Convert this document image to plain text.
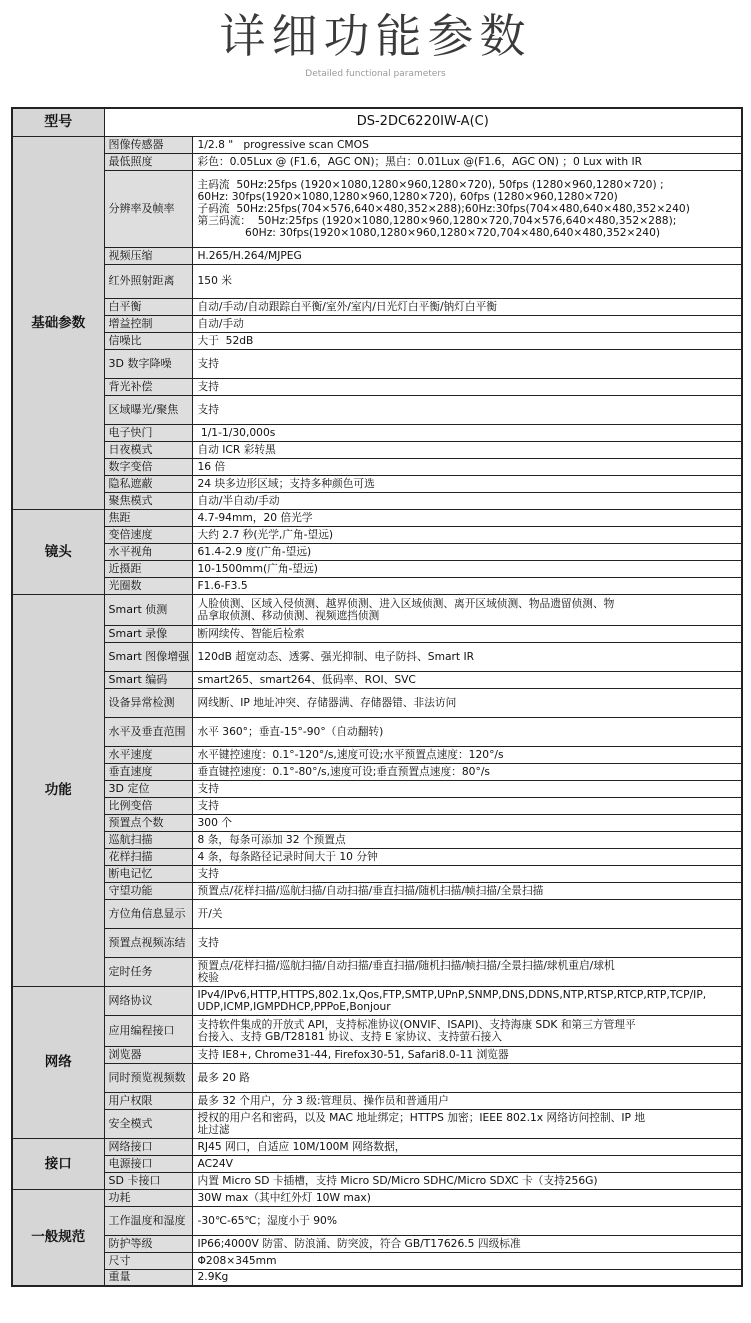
详细功能参数
Detailed functional parameters
型号	DS-2DC6220IW-A(C)	
基础参数	图像传感器	1/2.8 "   progressive scan CMOS

	最低照度	彩色：0.05Lux @ (F1.6，AGC ON)；黑白：0.01Lux @(F1.6，AGC ON) ；0 Lux with IR

	分辨率及帧率	主码流  50Hz:25fps (1920×1080,1280×960,1280×720), 50fps (1280×960,1280×720) ;
60Hz: 30fps(1920×1080,1280×960,1280×720), 60fps (1280×960,1280×720)
子码流  50Hz:25fps(704×576,640×480,352×288);60Hz:30fps(704×480,640×480,352×240)
第三码流：  50Hz:25fps (1920×1080,1280×960,1280×720,704×576,640×480,352×288);
60Hz: 30fps(1920×1080,1280×960,1280×720,704×480,640×480,352×240)

	视频压缩	H.265/H.264/MJPEG

	红外照射距离	150 米

	白平衡	自动/手动/自动跟踪白平衡/室外/室内/日光灯白平衡/钠灯白平衡

	增益控制	自动/手动

	信噪比	大于  52dB

	3D 数字降噪	支持

	背光补偿	支持

	区域曝光/聚焦	支持

	电子快门	1/1-1/30,000s

	日夜模式	自动 ICR 彩转黑

	数字变倍	16 倍

	隐私遮蔽	24 块多边形区域；支持多种颜色可选

	聚焦模式	自动/半自动/手动

镜头	焦距	4.7-94mm，20 倍光学

	变倍速度	大约 2.7 秒(光学,广角-望远)

	水平视角	61.4-2.9 度(广角-望远)

	近摄距	10-1500mm(广角-望远)

	光圈数	F1.6-F3.5

功能	Smart 侦测	人脸侦测、区域入侵侦测、越界侦测、进入区域侦测、离开区域侦测、物品遗留侦测、物
品拿取侦测、移动侦测、视频遮挡侦测

	Smart 录像	断网续传、智能后检索

	Smart 图像增强	120dB 超宽动态、透雾、强光抑制、电子防抖、Smart IR

	Smart 编码	smart265、smart264、低码率、ROI、SVC

	设备异常检测	网线断、IP 地址冲突、存储器满、存储器错、非法访问

	水平及垂直范围	水平 360°；垂直-15°-90°（自动翻转)

	水平速度	水平键控速度：0.1°-120°/s,速度可设;水平预置点速度：120°/s

	垂直速度	垂直键控速度：0.1°-80°/s,速度可设;垂直预置点速度：80°/s

	3D 定位	支持

	比例变倍	支持

	预置点个数	300 个

	巡航扫描	8 条，每条可添加 32 个预置点

	花样扫描	4 条，每条路径记录时间大于 10 分钟

	断电记忆	支持

	守望功能	预置点/花样扫描/巡航扫描/自动扫描/垂直扫描/随机扫描/帧扫描/全景扫描

	方位角信息显示	开/关

	预置点视频冻结	支持

	定时任务	预置点/花样扫描/巡航扫描/自动扫描/垂直扫描/随机扫描/帧扫描/全景扫描/球机重启/球机
校验

网络	网络协议	IPv4/IPv6,HTTP,HTTPS,802.1x,Qos,FTP,SMTP,UPnP,SNMP,DNS,DDNS,NTP,RTSP,RTCP,RTP,TCP/IP,
UDP,ICMP,IGMPDHCP,PPPoE,Bonjour

	应用编程接口	支持软件集成的开放式 API，支持标准协议(ONVIF、ISAPI)、支持海康 SDK 和第三方管理平
台接入、支持 GB/T28181 协议、支持 E 家协议、支持萤石接入

	浏览器	支持 IE8+, Chrome31-44, Firefox30-51, Safari8.0-11 浏览器

	同时预览视频数	最多 20 路

	用户权限	最多 32 个用户，分 3 级:管理员、操作员和普通用户

	安全模式	授权的用户名和密码，以及 MAC 地址绑定；HTTPS 加密；IEEE 802.1x 网络访问控制、IP 地
址过滤

接口	网络接口	RJ45 网口，自适应 10M/100M 网络数据，

	电源接口	AC24V

	SD 卡接口	内置 Micro SD 卡插槽，支持 Micro SD/Micro SDHC/Micro SDXC 卡（支持256G)

一般规范	功耗	30W max（其中红外灯 10W max)

	工作温度和湿度	-30℃-65℃；湿度小于 90%

	防护等级	IP66;4000V 防雷、防浪涌、防突波，符合 GB/T17626.5 四级标准

	尺寸	Φ208×345mm

	重量	2.9Kg
